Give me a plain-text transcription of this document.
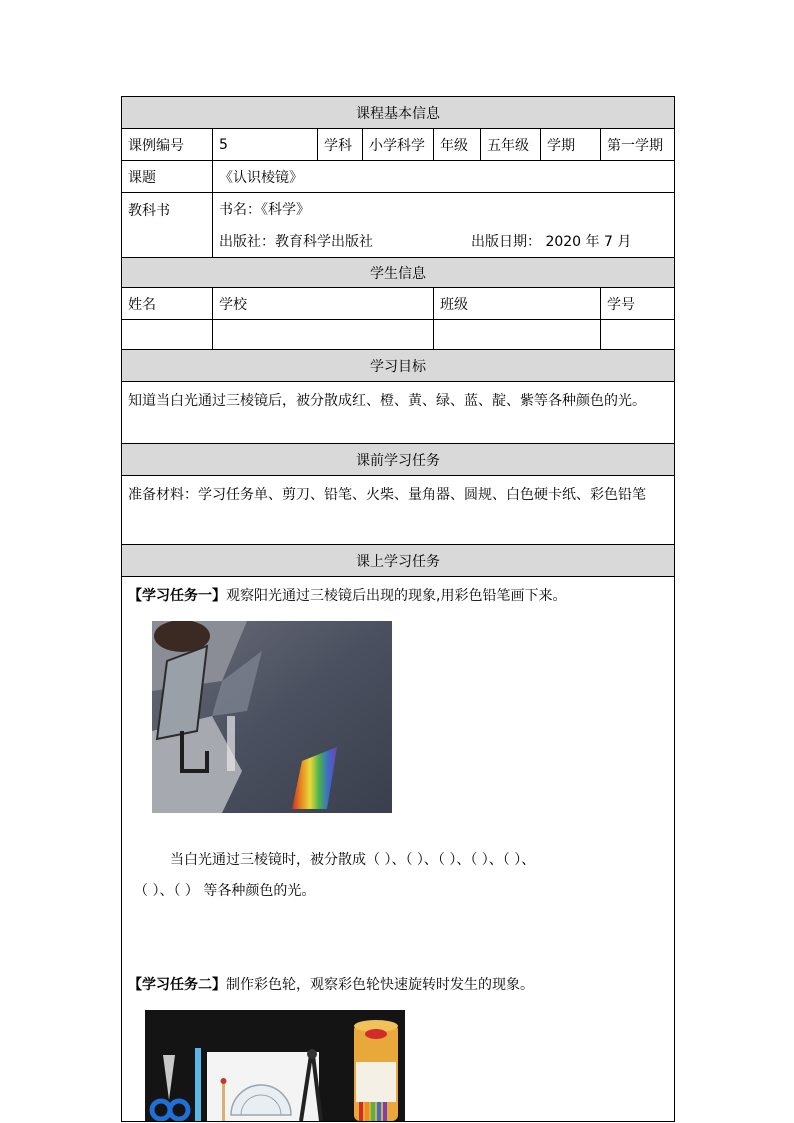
课程基本信息							
课例编号	5	学科	小学科学	年级	五年级	学期	第一学期
课题	《认识棱镜》						
教科书	书名：《科学》
出版社：教育科学出版社 出版日期： 2020 年 7 月						

学生信息							
姓名	学校			班级			学号

学习目标							
知道当白光通过三棱镜后，被分散成红、橙、黄、绿、蓝、靛、紫等各种颜色的光。							
课前学习任务							
准备材料：学习任务单、剪刀、铅笔、火柴、量角器、圆规、白色硬卡纸、彩色铅笔							
课上学习任务							

【学习任务一】观察阳光通过三棱镜后出现的现象,用彩色铅笔画下来。
当白光通过三棱镜时，被分散成（ ）、（ ）、（ ）、（ ）、（ ）、
（ ）、（ ） 等各种颜色的光。
【学习任务二】制作彩色轮，观察彩色轮快速旋转时发生的现象。							
